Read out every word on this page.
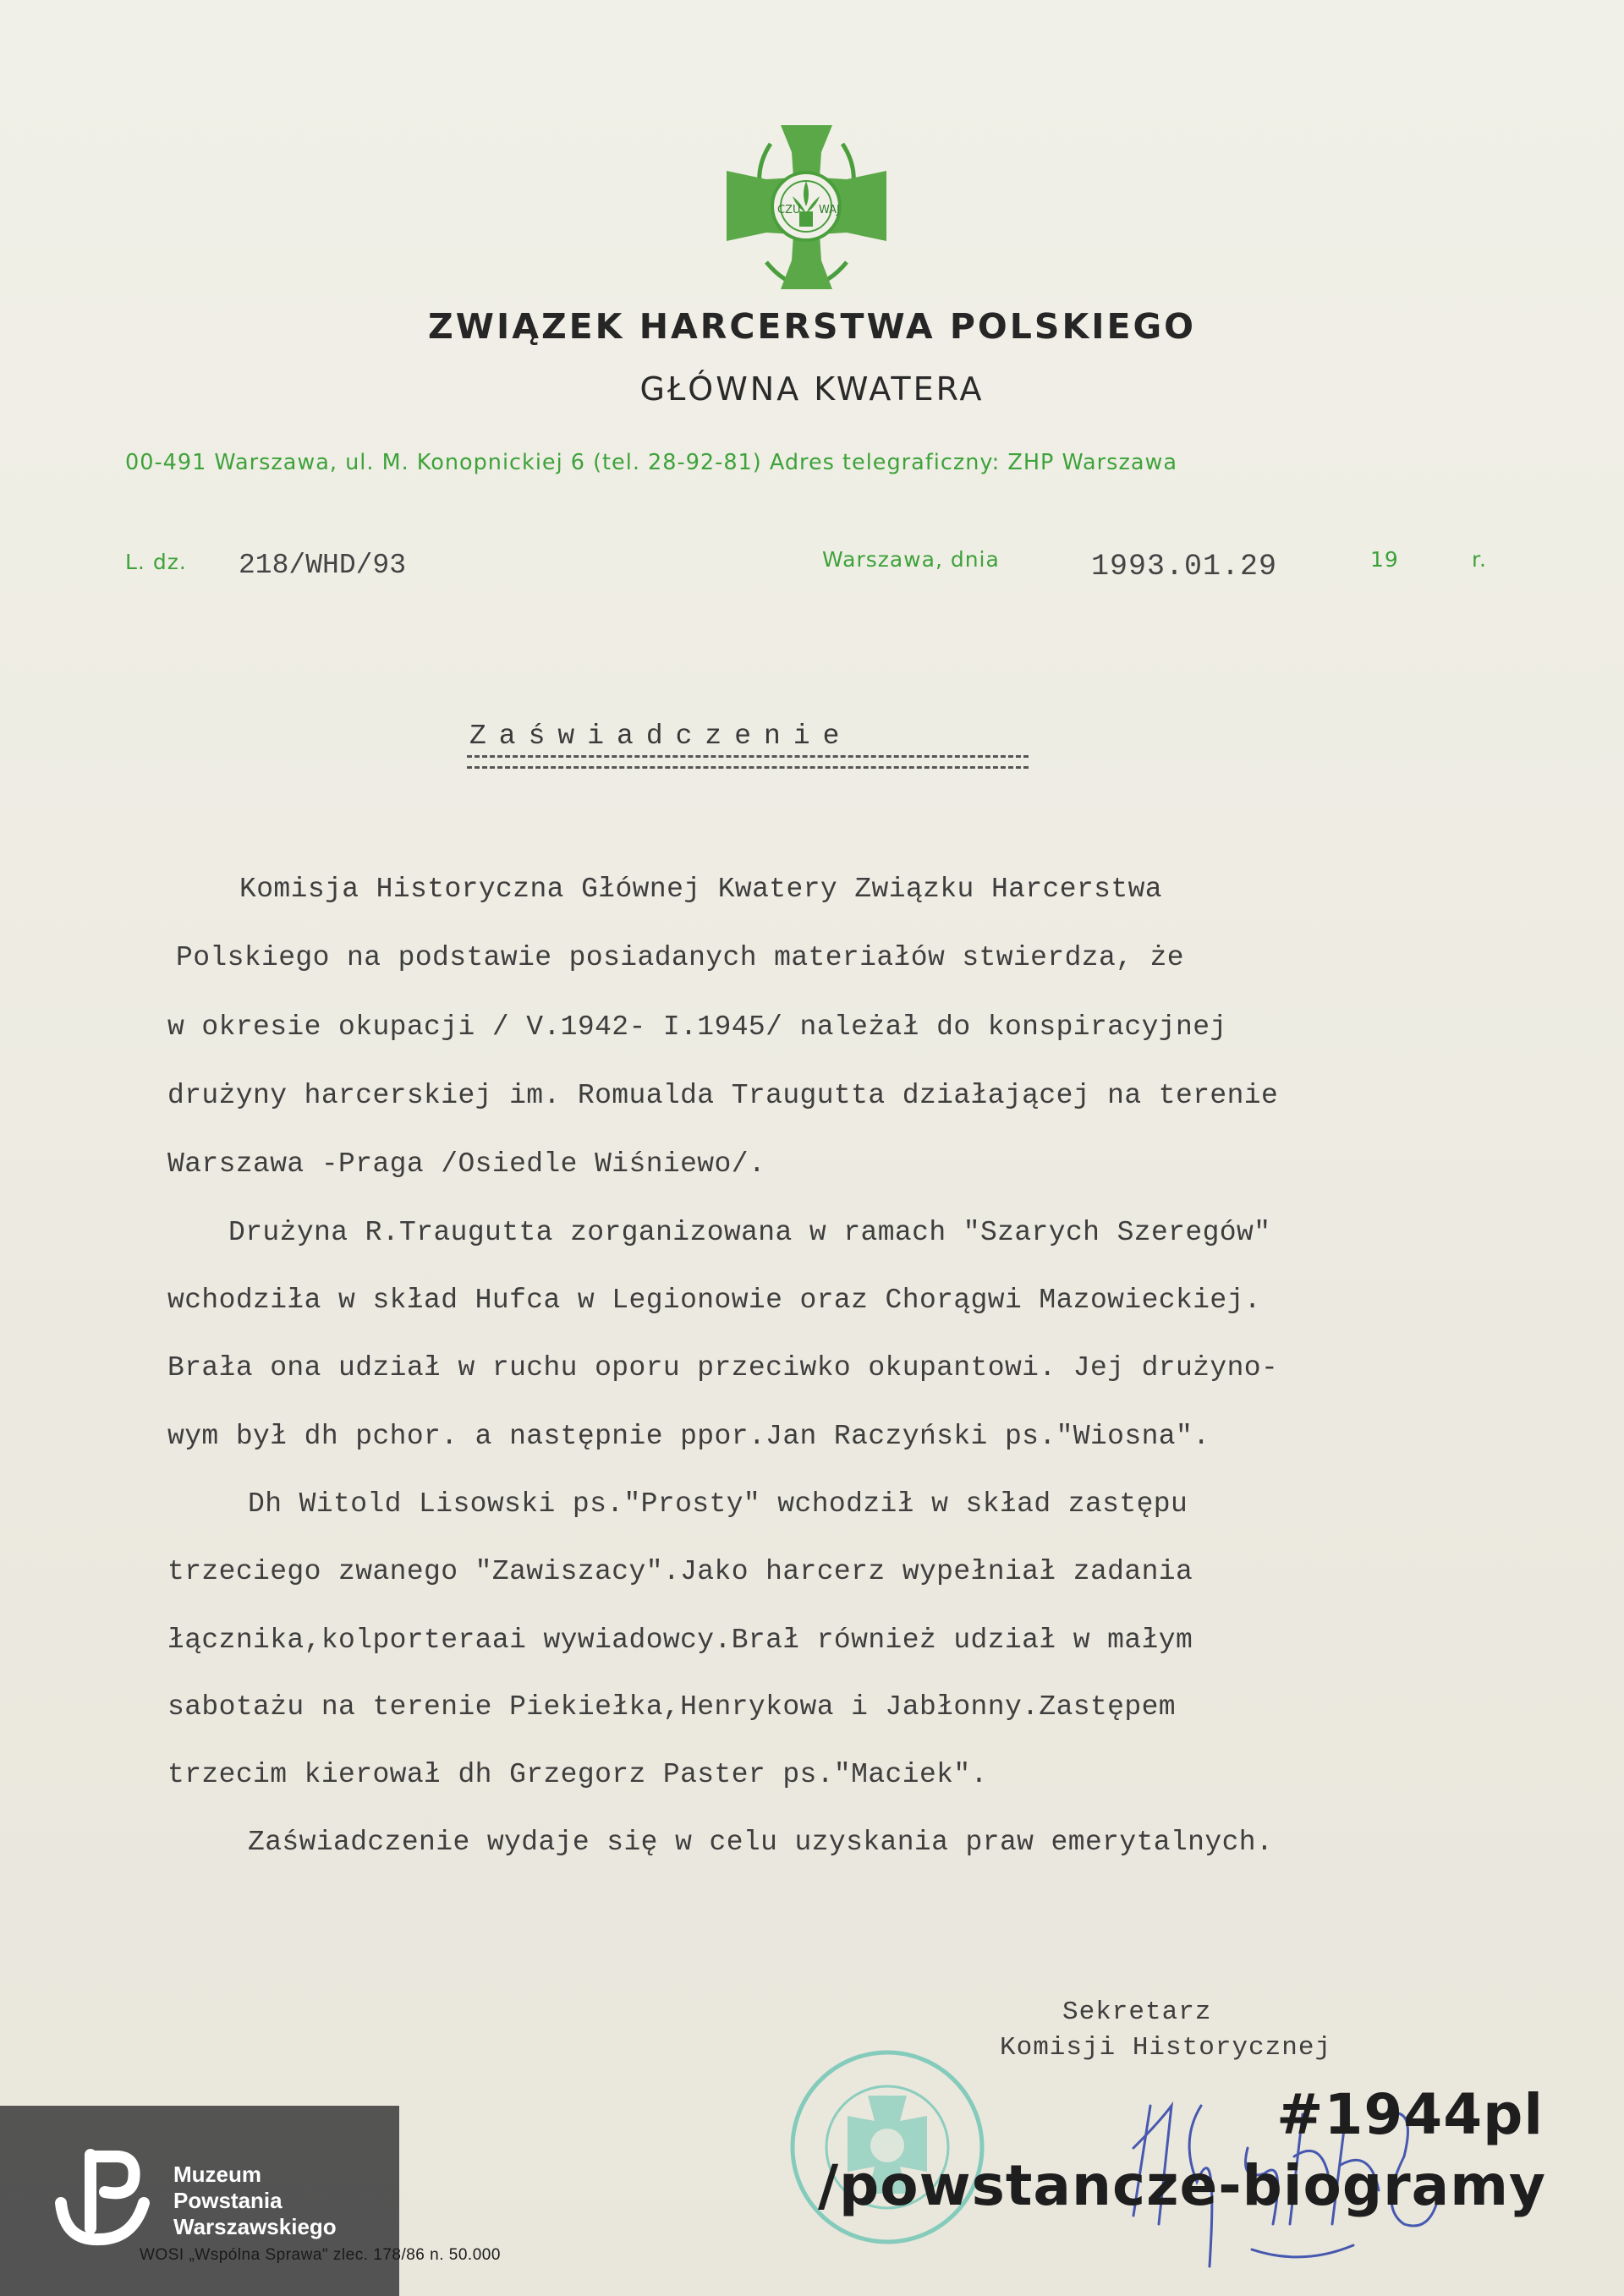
CZU WAJ
ZWIĄZEK HARCERSTWA POLSKIEGO
GŁÓWNA KWATERA
00-491 Warszawa, ul. M. Konopnickiej 6 (tel. 28-92-81) Adres telegraficzny: ZHP Warszawa
L. dz. 218/WHD/93	Warszawa, dnia	1993.01.29	19	r.
Zaświadczenie
Komisja Historyczna Głównej Kwatery Związku Harcerstwa
Polskiego na podstawie posiadanych materiałów stwierdza, że
w okresie okupacji / V.1942- I.1945/ należał do konspiracyjnej
drużyny harcerskiej im. Romualda Traugutta działającej na terenie
Warszawa -Praga /Osiedle Wiśniewo/.
Drużyna R.Traugutta zorganizowana w ramach "Szarych Szeregów"
wchodziła w skład Hufca w Legionowie oraz Chorągwi Mazowieckiej.
Brała ona udział w ruchu oporu przeciwko okupantowi. Jej drużyno-
wym był dh pchor. a następnie ppor.Jan Raczyński ps."Wiosna".
Dh Witold Lisowski ps."Prosty" wchodził w skład zastępu
trzeciego zwanego "Zawiszacy".Jako harcerz wypełniał zadania
łącznika,kolporteraai wywiadowcy.Brał również udział w małym
sabotażu na terenie Piekiełka,Henrykowa i Jabłonny.Zastępem
trzecim kierował dh Grzegorz Paster ps."Maciek".
Zaświadczenie wydaje się w celu uzyskania praw emerytalnych.
Sekretarz
Komisji Historycznej
Muzeum
Powstania
Warszawskiego
WOSI „Wspólna Sprawa" zlec. 178/86 n. 50.000
#1944pl
/powstancze-biogramy
